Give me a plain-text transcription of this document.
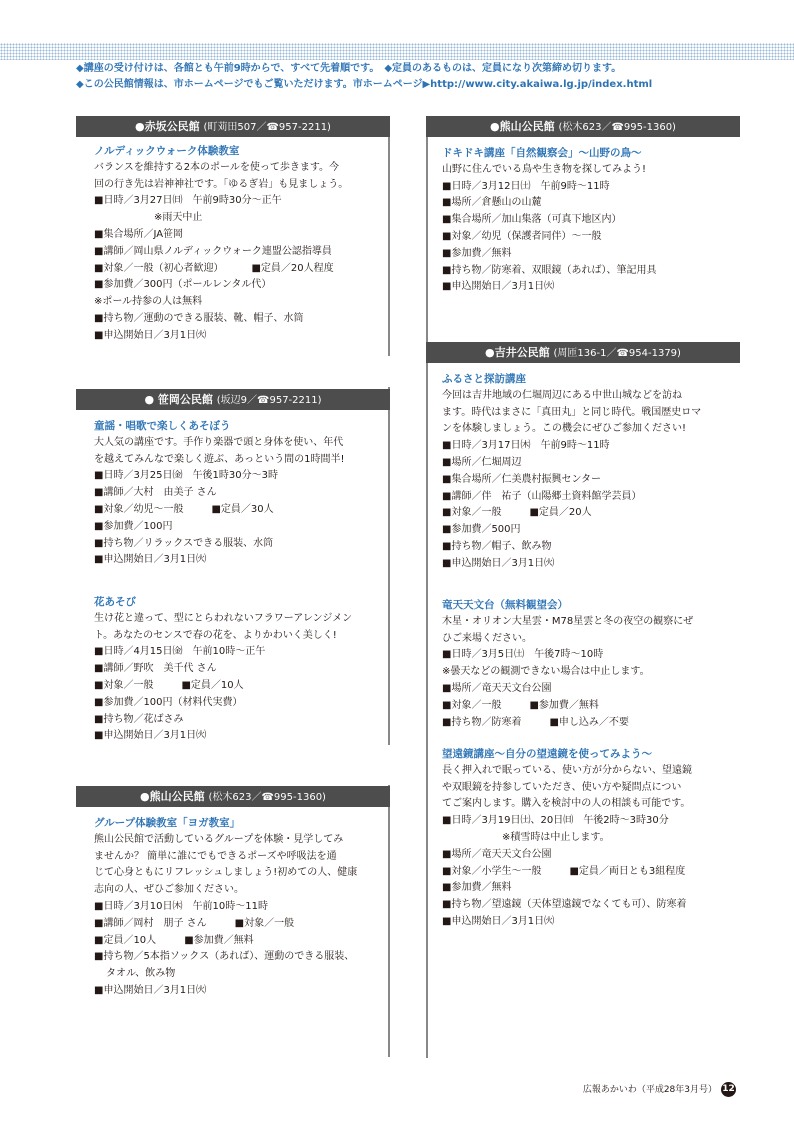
◆講座の受け付けは、各館とも午前9時からで、すべて先着順です。　◆定員のあるものは、定員になり次第締め切ります。
◆この公民館情報は、市ホームページでもご覧いただけます。市ホームページ▶http://www.city.akaiwa.lg.jp/index.html
●赤坂公民館 (町苅田507／☎957-2211)
ノルディックウォーク体験教室
バランスを維持する2本のポールを使って歩きます。今
回の行き先は岩神神社です。「ゆるぎ岩」も見ましょう。
■日時／3月27日㈰　午前9時30分～正午
※雨天中止
■集合場所／JA笹岡
■講師／岡山県ノルディックウォーク連盟公認指導員
■対象／一般（初心者歓迎）	■定員／20人程度
■参加費／300円（ポールレンタル代）
※ポール持参の人は無料
■持ち物／運動のできる服装、靴、帽子、水筒
■申込開始日／3月1日㈫
● 笹岡公民館 (坂辺9／☎957-2211)
童謡・唱歌で楽しくあそぼう
大人気の講座です。手作り楽器で頭と身体を使い、年代
を越えてみんなで楽しく遊ぶ、あっという間の1時間半!
■日時／3月25日㈮　午後1時30分～3時
■講師／大村　由美子 さん
■対象／幼児～一般	■定員／30人
■参加費／100円
■持ち物／リラックスできる服装、水筒
■申込開始日／3月1日㈫
花あそび
生け花と違って、型にとらわれないフラワーアレンジメン
ト。あなたのセンスで春の花を、よりかわいく美しく!
■日時／4月15日㈮　午前10時～正午
■講師／野吹　美千代 さん
■対象／一般	■定員／10人
■参加費／100円（材料代実費）
■持ち物／花ばさみ
■申込開始日／3月1日㈫
●熊山公民館 (松木623／☎995-1360)
グループ体験教室「ヨガ教室」
熊山公民館で活動しているグループを体験・見学してみ
ませんか？ 簡単に誰にでもできるポーズや呼吸法を通
じて心身ともにリフレッシュしましょう!初めての人、健康
志向の人、ぜひご参加ください。
■日時／3月10日㈭　午前10時～11時
■講師／岡村　朋子 さん	■対象／一般
■定員／10人	■参加費／無料
■持ち物／5本指ソックス（あれば）、運動のできる服装、
タオル、飲み物
■申込開始日／3月1日㈫
●熊山公民館 (松木623／☎995-1360)
ドキドキ講座「自然観察会」～山野の鳥～
山野に住んでいる鳥や生き物を探してみよう!
■日時／3月12日㈯　午前9時～11時
■場所／倉懸山の山麓
■集合場所／加山集落（可真下地区内）
■対象／幼児（保護者同伴）～一般
■参加費／無料
■持ち物／防寒着、双眼鏡（あれば）、筆記用具
■申込開始日／3月1日㈫
●吉井公民館 (周匝136-1／☎954-1379)
ふるさと探訪講座
今回は吉井地域の仁堀周辺にある中世山城などを訪ね
ます。時代はまさに「真田丸」と同じ時代。戦国歴史ロマ
ンを体験しましょう。この機会にぜひご参加ください!
■日時／3月17日㈭　午前9時～11時
■場所／仁堀周辺
■集合場所／仁美農村振興センター
■講師／伴　祐子（山陽郷土資料館学芸員）
■対象／一般	■定員／20人
■参加費／500円
■持ち物／帽子、飲み物
■申込開始日／3月1日㈫
竜天天文台（無料観望会）
木星・オリオン大星雲・M78星雲と冬の夜空の観察にぜ
ひご来場ください。
■日時／3月5日㈯　午後7時～10時
※曇天などの観測できない場合は中止します。
■場所／竜天天文台公園
■対象／一般	■参加費／無料
■持ち物／防寒着	■申し込み／不要
望遠鏡講座～自分の望遠鏡を使ってみよう～
長く押入れで眠っている、使い方が分からない、望遠鏡
や双眼鏡を持参していただき、使い方や疑問点につい
てご案内します。購入を検討中の人の相談も可能です。
■日時／3月19日㈯、20日㈰　午後2時～3時30分
※積雪時は中止します。
■場所／竜天天文台公園
■対象／小学生～一般	■定員／両日とも3組程度
■参加費／無料
■持ち物／望遠鏡（天体望遠鏡でなくても可）、防寒着
■申込開始日／3月1日㈫
広報あかいわ（平成28年3月号） 12
